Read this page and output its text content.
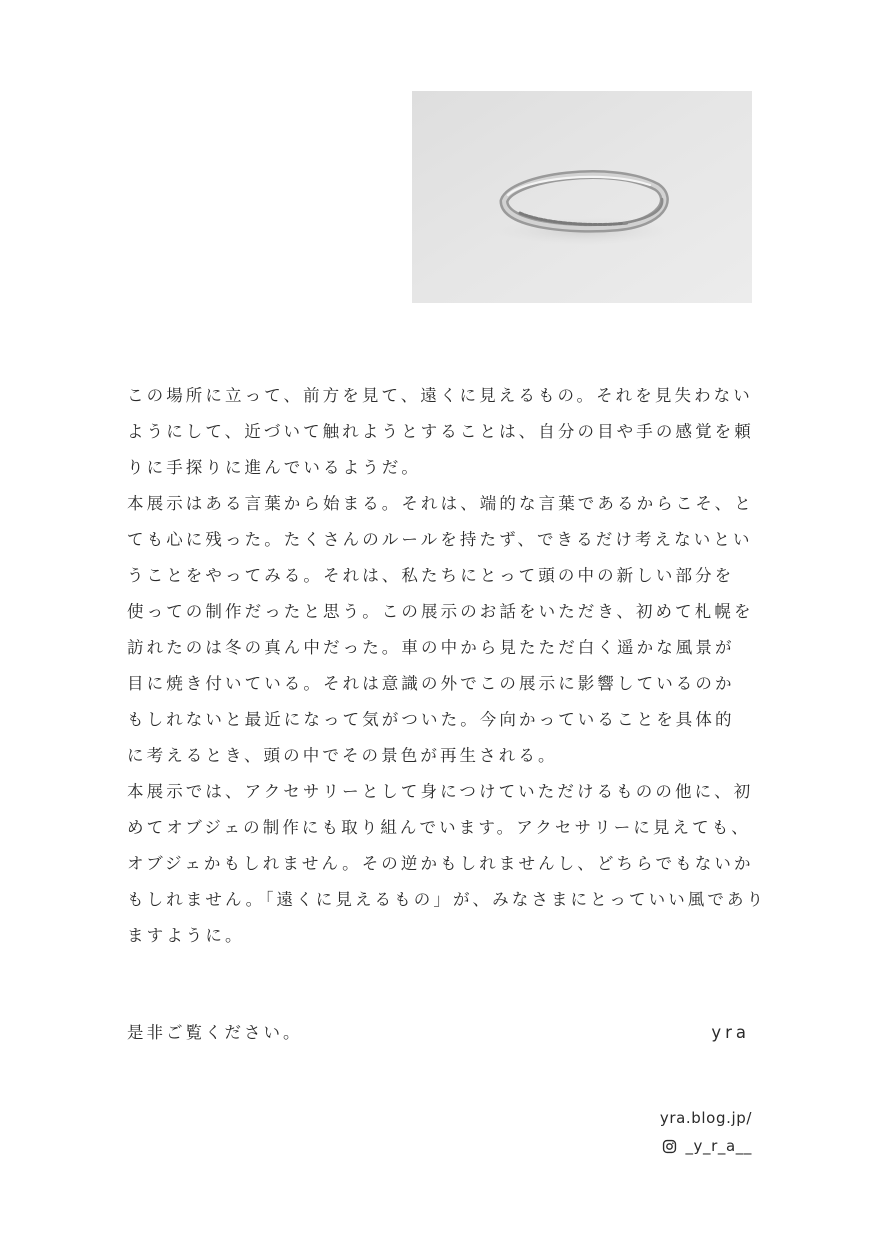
この場所に立って、前方を見て、遠くに見えるもの。それを見失わない
ようにして、近づいて触れようとすることは、自分の目や手の感覚を頼
りに手探りに進んでいるようだ。
本展示はある言葉から始まる。それは、端的な言葉であるからこそ、と
ても心に残った。たくさんのルールを持たず、できるだけ考えないとい
うことをやってみる。それは、私たちにとって頭の中の新しい部分を
使っての制作だったと思う。この展示のお話をいただき、初めて札幌を
訪れたのは冬の真ん中だった。車の中から見たただ白く遥かな風景が
目に焼き付いている。それは意識の外でこの展示に影響しているのか
もしれないと最近になって気がついた。今向かっていることを具体的
に考えるとき、頭の中でその景色が再生される。
本展示では、アクセサリーとして身につけていただけるものの他に、初
めてオブジェの制作にも取り組んでいます。アクセサリーに見えても、
オブジェかもしれません。その逆かもしれませんし、どちらでもないか
もしれません。「遠くに見えるもの」が、みなさまにとっていい風であり
ますように。
是非ご覧ください。	yra
yra.blog.jp/
_y_r_a__
